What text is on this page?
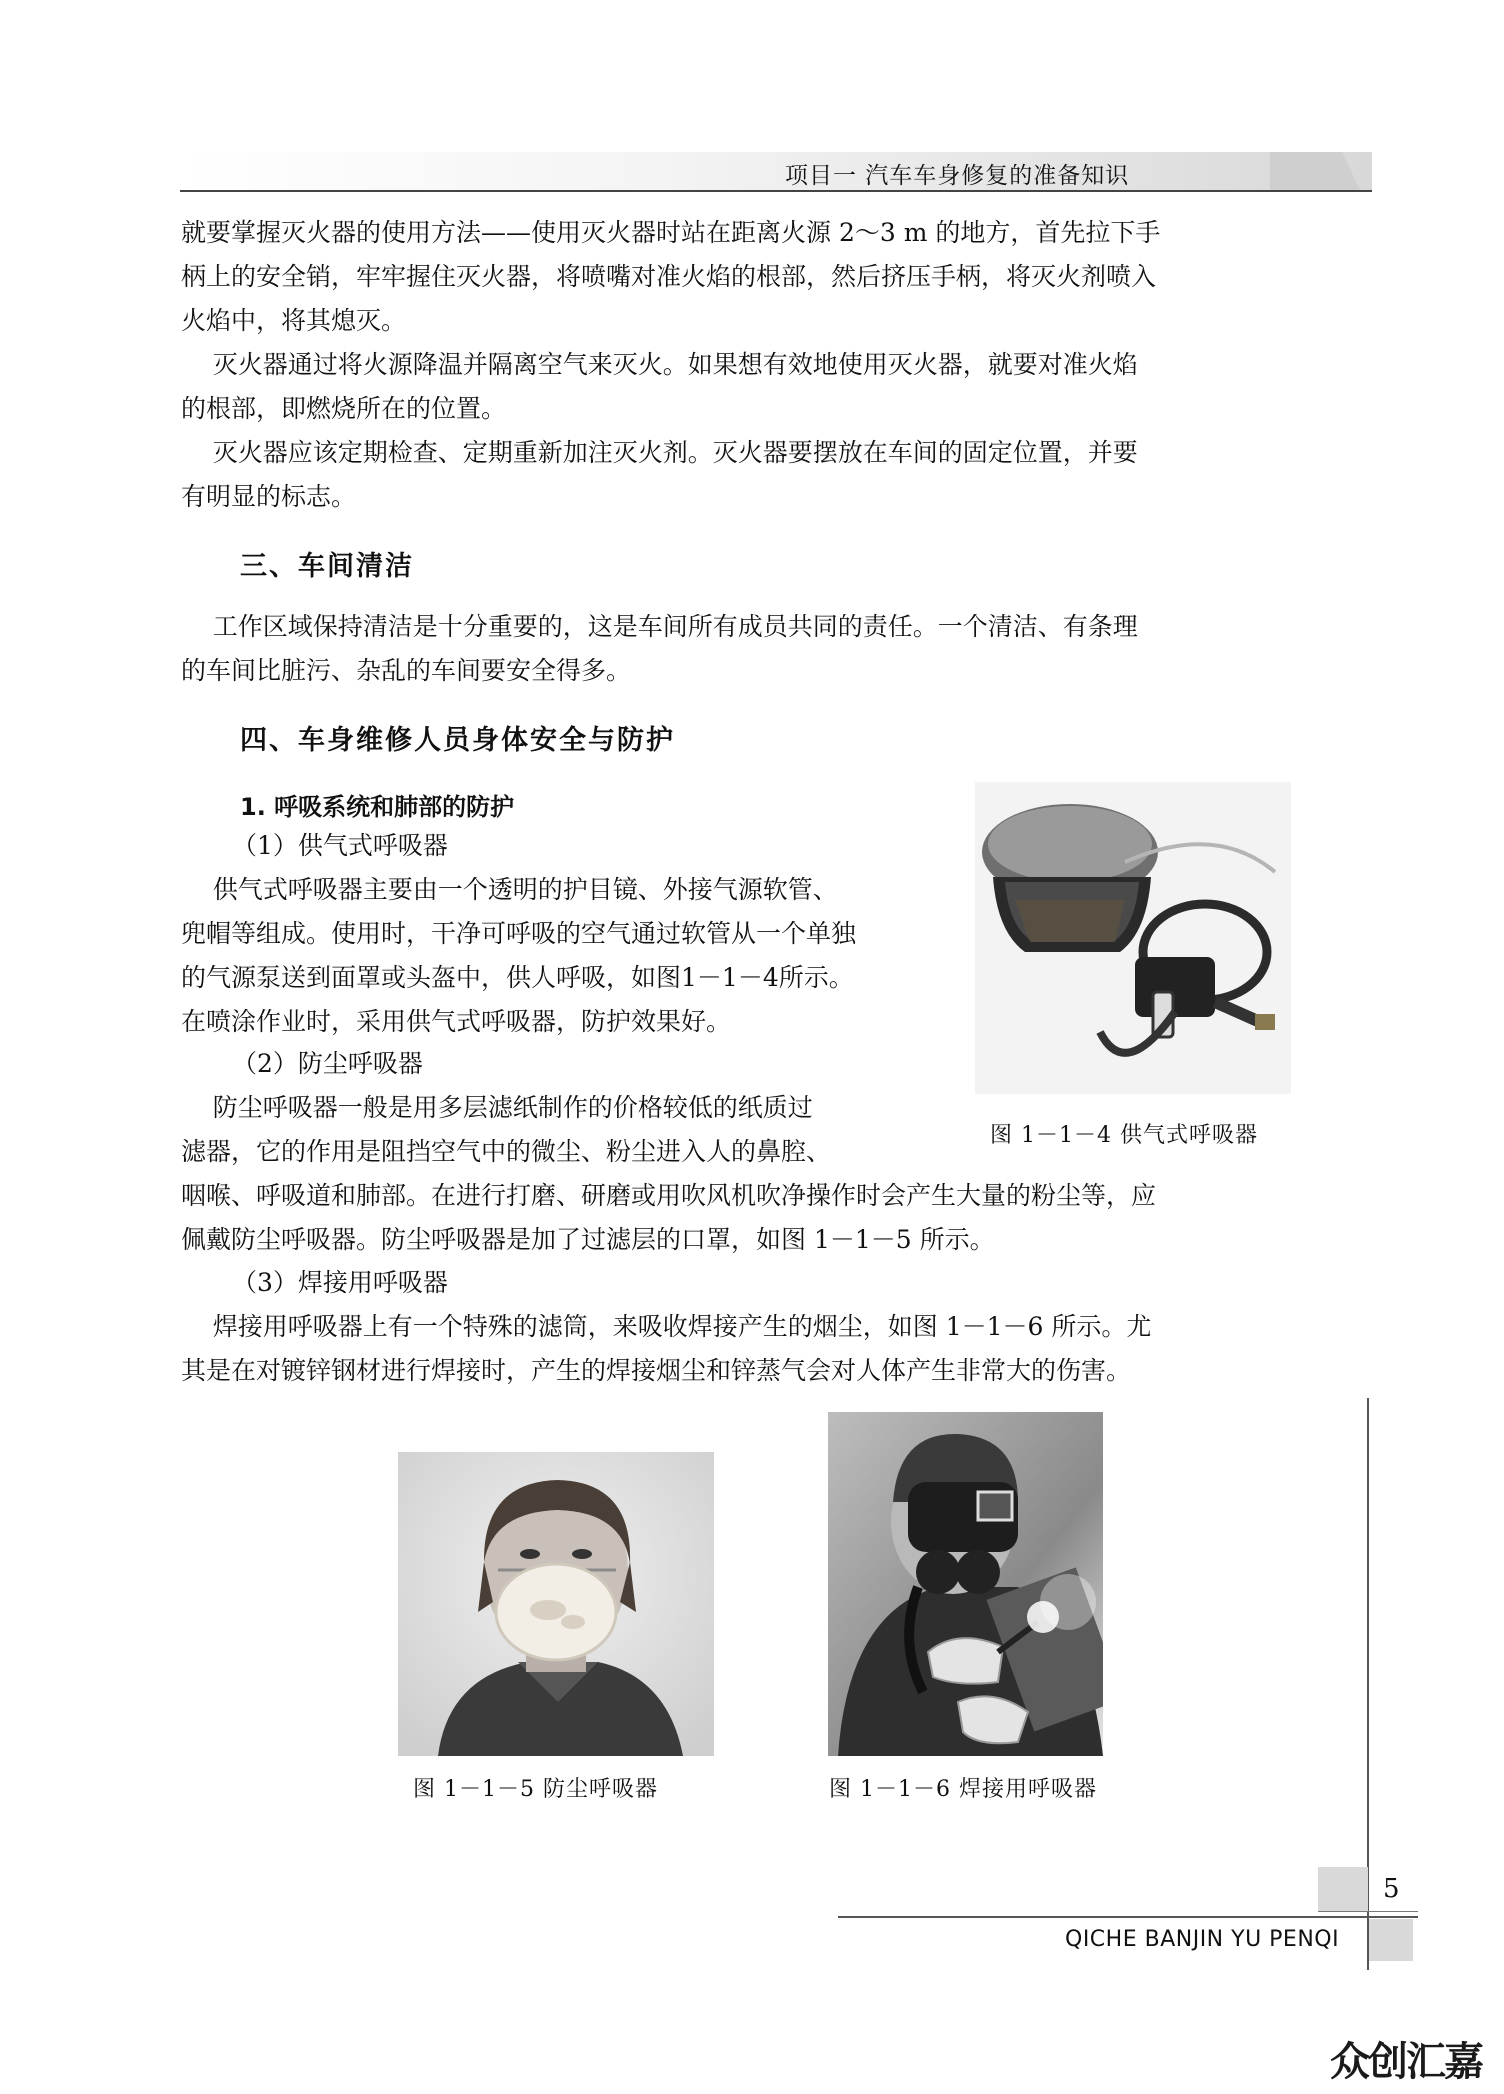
项目一 汽车车身修复的准备知识

就要掌握灭火器的使用方法——使用灭火器时站在距离火源 2～3 m 的地方，首先拉下手

柄上的安全销，牢牢握住灭火器，将喷嘴对准火焰的根部，然后挤压手柄，将灭火剂喷入

火焰中，将其熄灭。

灭火器通过将火源降温并隔离空气来灭火。如果想有效地使用灭火器，就要对准火焰

的根部，即燃烧所在的位置。

灭火器应该定期检查、定期重新加注灭火剂。灭火器要摆放在车间的固定位置，并要

有明显的标志。

三、车间清洁

工作区域保持清洁是十分重要的，这是车间所有成员共同的责任。一个清洁、有条理

的车间比脏污、杂乱的车间要安全得多。

四、车身维修人员身体安全与防护
1. 呼吸系统和肺部的防护
（1）供气式呼吸器

供气式呼吸器主要由一个透明的护目镜、外接气源软管、

兜帽等组成。使用时，干净可呼吸的空气通过软管从一个单独

的气源泵送到面罩或头盔中，供人呼吸，如图1－1－4所示。

在喷涂作业时，采用供气式呼吸器，防护效果好。

（2）防尘呼吸器

防尘呼吸器一般是用多层滤纸制作的价格较低的纸质过

滤器，它的作用是阻挡空气中的微尘、粉尘进入人的鼻腔、

咽喉、呼吸道和肺部。在进行打磨、研磨或用吹风机吹净操作时会产生大量的粉尘等，应

佩戴防尘呼吸器。防尘呼吸器是加了过滤层的口罩，如图 1－1－5 所示。

（3）焊接用呼吸器

焊接用呼吸器上有一个特殊的滤筒，来吸收焊接产生的烟尘，如图 1－1－6 所示。尤

其是在对镀锌钢材进行焊接时，产生的焊接烟尘和锌蒸气会对人体产生非常大的伤害。

图 1－1－4 供气式呼吸器
图 1－1－5 防尘呼吸器	图 1－1－6 焊接用呼吸器
5
QICHE BANJIN YU PENQI
众创汇嘉
